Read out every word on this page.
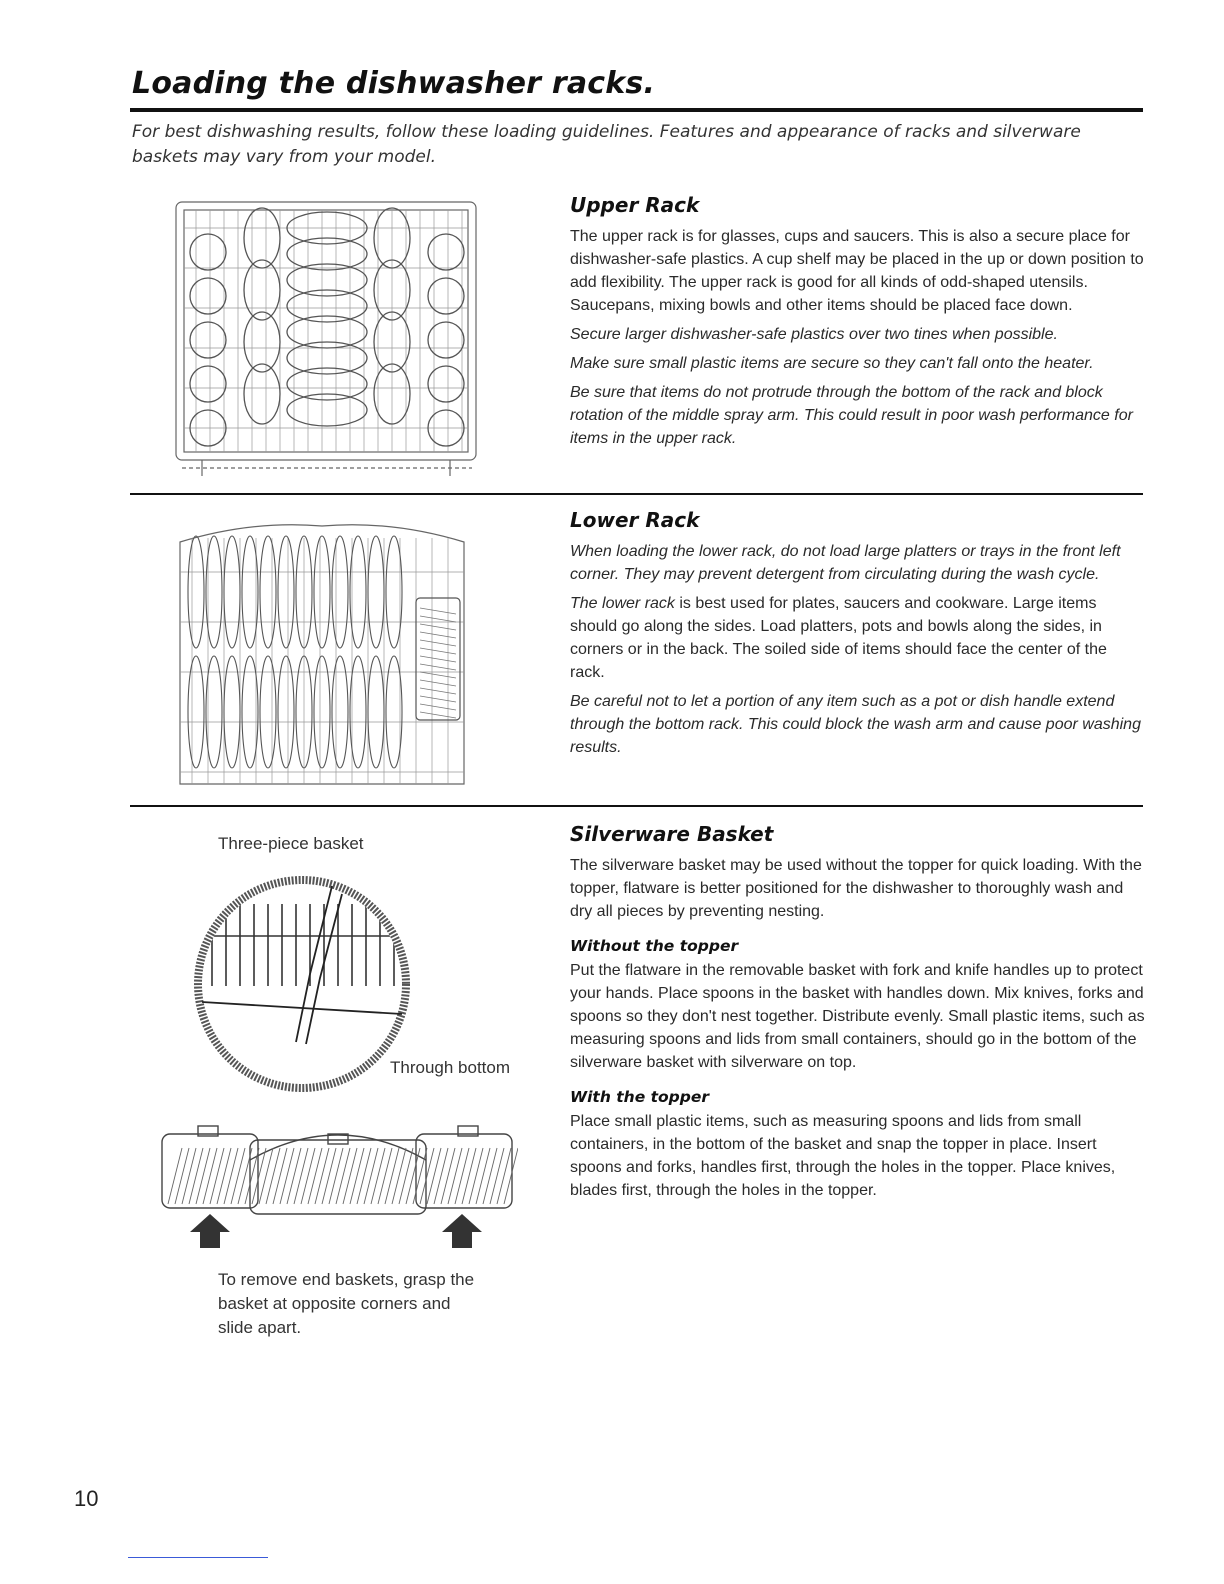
Loading the dishwasher racks.

For best dishwashing results, follow these loading guidelines. Features and appearance of racks and silverware baskets may vary from your model.

Upper Rack

The upper rack is for glasses, cups and saucers. This is also a secure place for dishwasher-safe plastics. A cup shelf may be placed in the up or down position to add flexibility. The upper rack is good for all kinds of odd-shaped utensils. Saucepans, mixing bowls and other items should be placed face down.

Secure larger dishwasher-safe plastics over two tines when possible.

Make sure small plastic items are secure so they can't fall onto the heater.

Be sure that items do not protrude through the bottom of the rack and block rotation of the middle spray arm. This could result in poor wash performance for items in the upper rack.

Lower Rack

When loading the lower rack, do not load large platters or trays in the front left corner. They may prevent detergent from circulating during the wash cycle.

The lower rack is best used for plates, saucers and cookware. Large items should go along the sides. Load platters, pots and bowls along the sides, in corners or in the back. The soiled side of items should face the center of the rack.

Be careful not to let a portion of any item such as a pot or dish handle extend through the bottom rack. This could block the wash arm and cause poor washing results.

Three-piece basket

Through bottom

To remove end baskets, grasp the basket at opposite corners and slide apart.

Silverware Basket

The silverware basket may be used without the topper for quick loading. With the topper, flatware is better positioned for the dishwasher to thoroughly wash and dry all pieces by preventing nesting.

Without the topper

Put the flatware in the removable basket with fork and knife handles up to protect your hands. Place spoons in the basket with handles down. Mix knives, forks and spoons so they don't nest together. Distribute evenly. Small plastic items, such as measuring spoons and lids from small containers, should go in the bottom of the silverware basket with silverware on top.

With the topper

Place small plastic items, such as measuring spoons and lids from small containers, in the bottom of the basket and snap the topper in place. Insert spoons and forks, handles first, through the holes in the topper. Place knives, blades first, through the holes in the topper.

10
